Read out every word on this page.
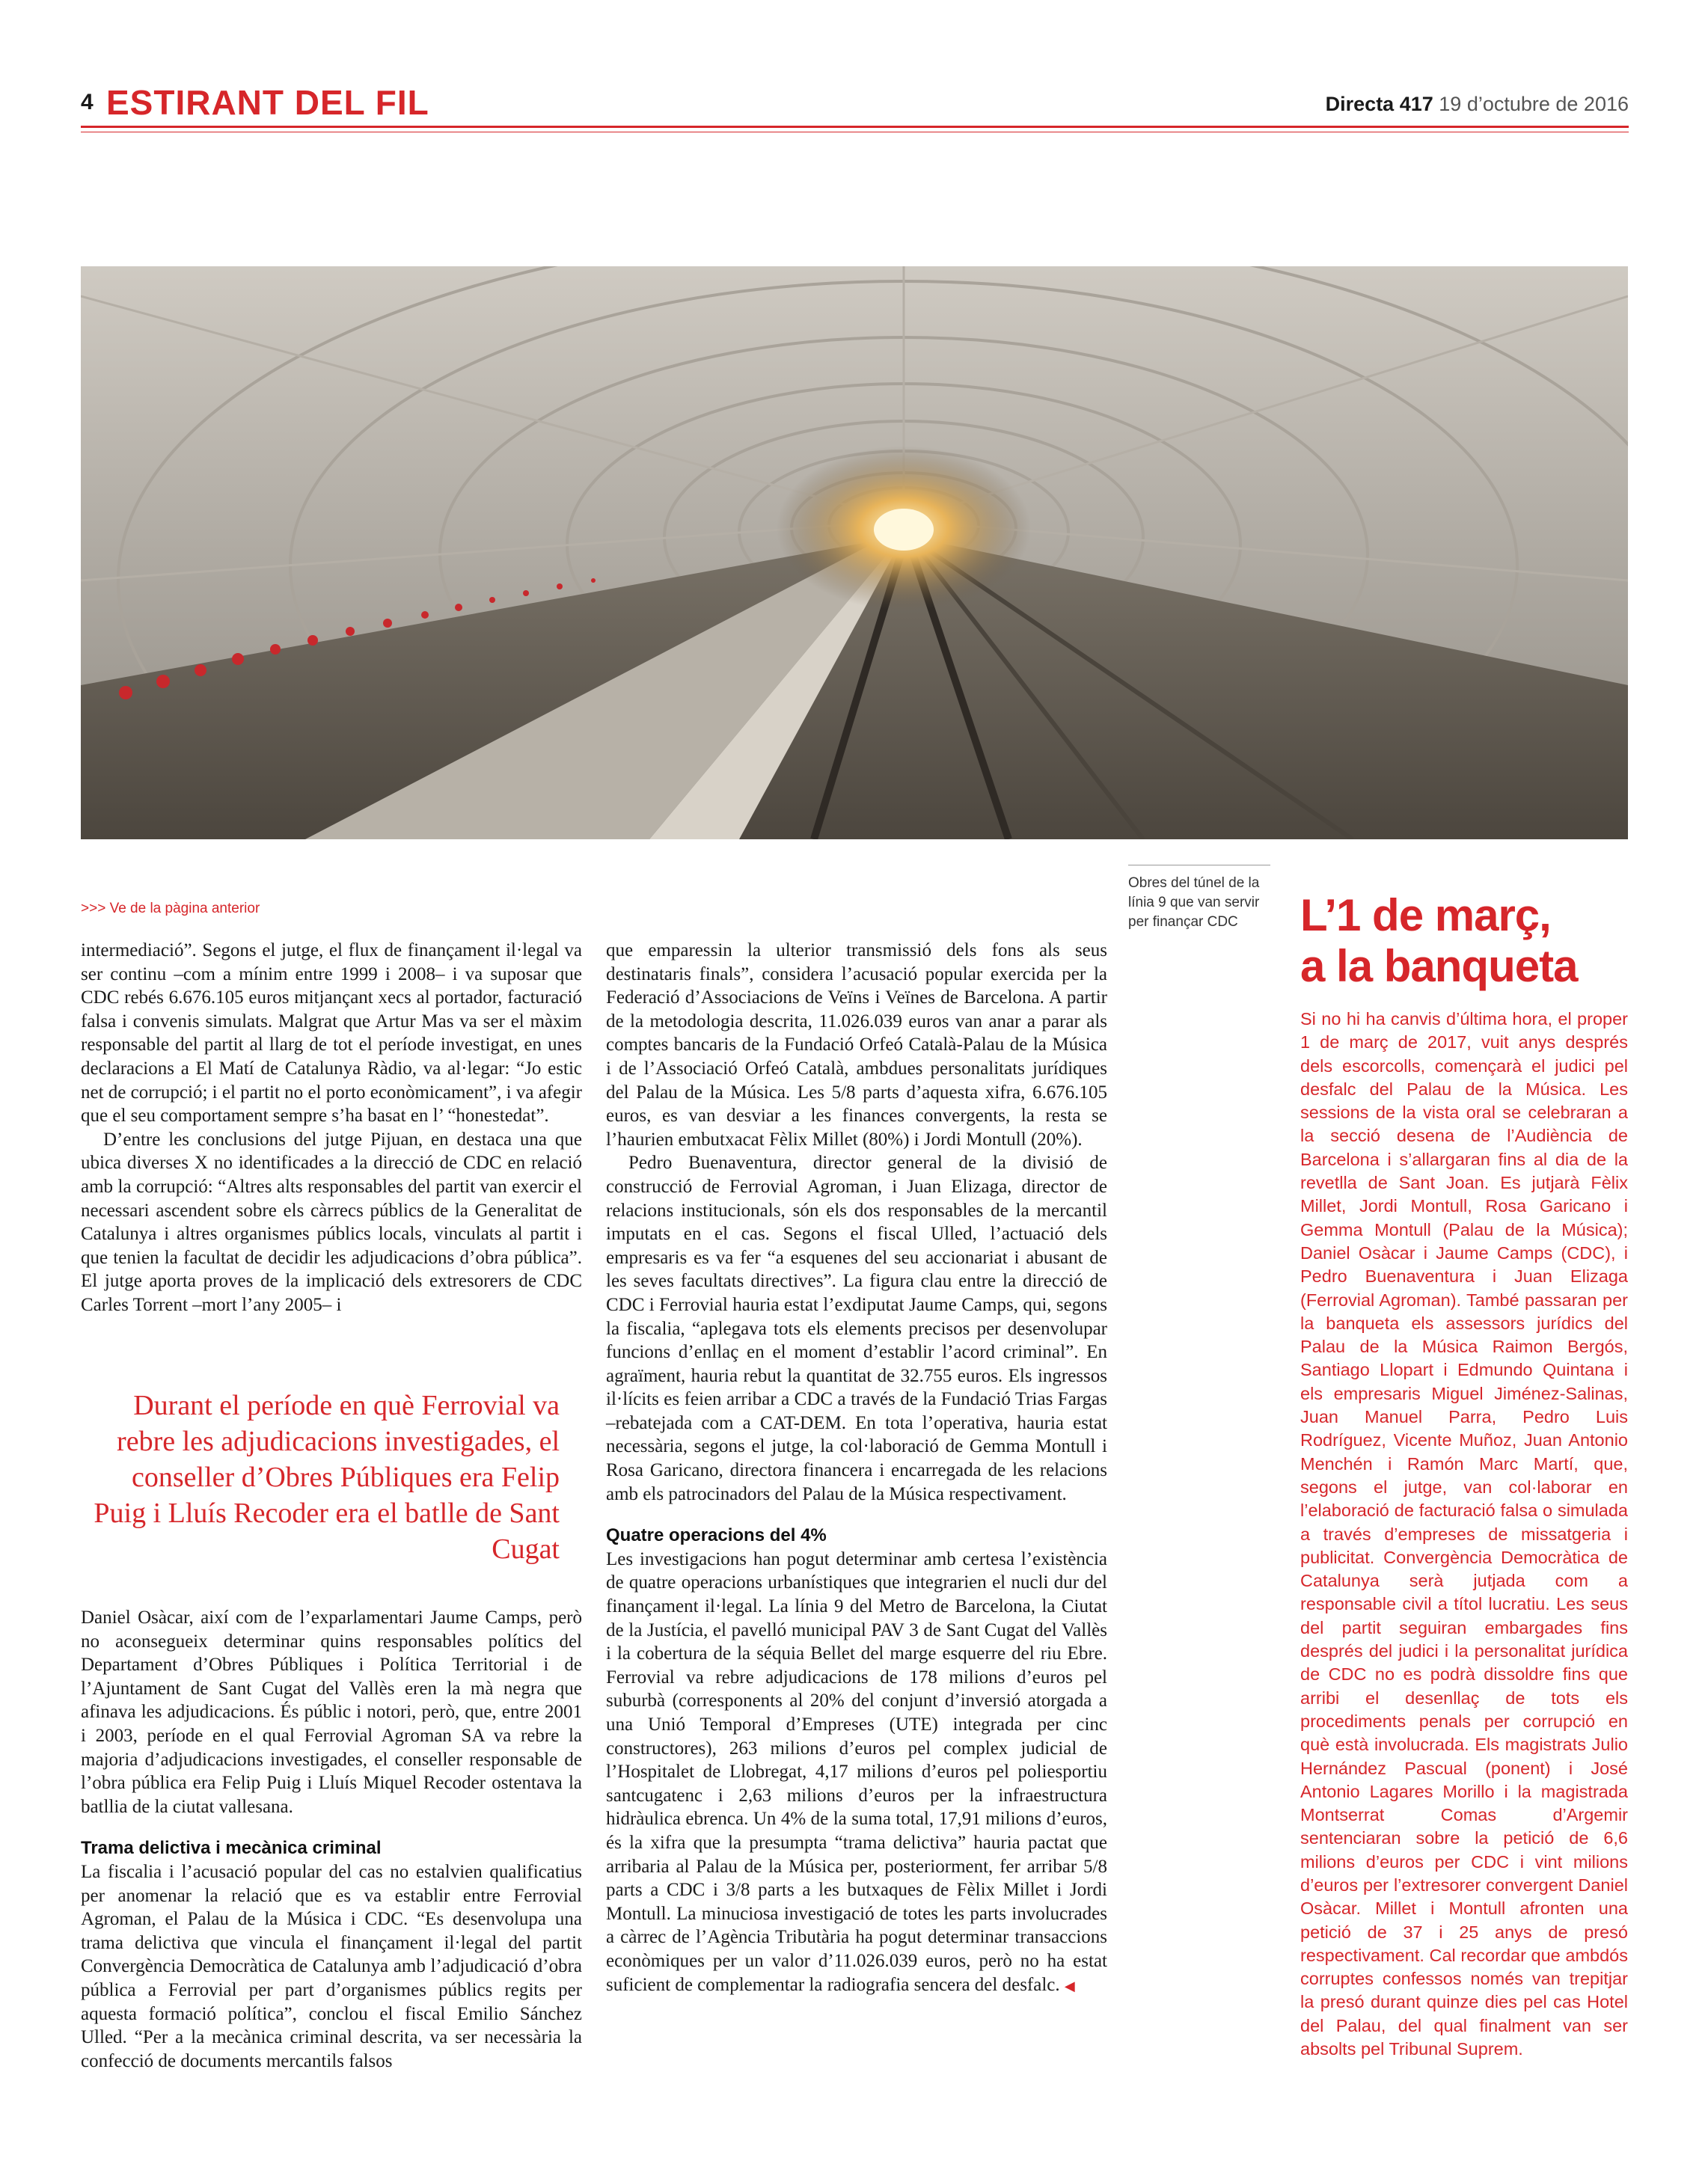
4 ESTIRANT DEL FIL	Directa 417 19 d’octubre de 2016
Obres del túnel de la línia 9 que van servir per finançar CDC
>>> Ve de la pàgina anterior

intermediació”. Segons el jutge, el flux de finançament il·legal va ser continu –com a mínim entre 1999 i 2008– i va suposar que CDC rebés 6.676.105 euros mitjançant xecs al portador, facturació falsa i convenis simulats. Malgrat que Artur Mas va ser el màxim responsable del partit al llarg de tot el període investigat, en unes declaracions a El Matí de Catalunya Ràdio, va al·legar: “Jo estic net de corrupció; i el partit no el porto econòmicament”, i va afegir que el seu comportament sempre s’ha basat en l’ “honestedat”.

D’entre les conclusions del jutge Pijuan, en destaca una que ubica diverses X no identificades a la direcció de CDC en relació amb la corrupció: “Altres alts responsables del partit van exercir el necessari ascendent sobre els càrrecs públics de la Generalitat de Catalunya i altres organismes públics locals, vinculats al partit i que tenien la facultat de decidir les adjudicacions d’obra pública”. El jutge aporta proves de la implicació dels extresorers de CDC Carles Torrent –mort l’any 2005– i

Durant el període en què Ferrovial va rebre les adjudicacions investigades, el conseller d’Obres Públiques era Felip Puig i Lluís Recoder era el batlle de Sant Cugat

Daniel Osàcar, així com de l’exparlamentari Jaume Camps, però no aconsegueix determinar quins responsables polítics del Departament d’Obres Públiques i Política Territorial i de l’Ajuntament de Sant Cugat del Vallès eren la mà negra que afinava les adjudicacions. És públic i notori, però, que, entre 2001 i 2003, període en el qual Ferrovial Agroman SA va rebre la majoria d’adjudicacions investigades, el conseller responsable de l’obra pública era Felip Puig i Lluís Miquel Recoder ostentava la batllia de la ciutat vallesana.

Trama delictiva i mecànica criminal

La fiscalia i l’acusació popular del cas no estalvien qualificatius per anomenar la relació que es va establir entre Ferrovial Agroman, el Palau de la Música i CDC. “Es desenvolupa una trama delictiva que vincula el finançament il·legal del partit Convergència Democràtica de Catalunya amb l’adjudicació d’obra pública a Ferrovial per part d’organismes públics regits per aquesta formació política”, conclou el fiscal Emilio Sánchez Ulled. “Per a la mecànica criminal descrita, va ser necessària la confecció de documents mercantils falsos

que emparessin la ulterior transmissió dels fons als seus destinataris finals”, considera l’acusació popular exercida per la Federació d’Associacions de Veïns i Veïnes de Barcelona. A partir de la metodologia descrita, 11.026.039 euros van anar a parar als comptes bancaris de la Fundació Orfeó Català-Palau de la Música i de l’Associació Orfeó Català, ambdues personalitats jurídiques del Palau de la Música. Les 5/8 parts d’aquesta xifra, 6.676.105 euros, es van desviar a les finances convergents, la resta se l’haurien embutxacat Fèlix Millet (80%) i Jordi Montull (20%).

Pedro Buenaventura, director general de la divisió de construcció de Ferrovial Agroman, i Juan Elizaga, director de relacions institucionals, són els dos responsables de la mercantil imputats en el cas. Segons el fiscal Ulled, l’actuació dels empresaris es va fer “a esquenes del seu accionariat i abusant de les seves facultats directives”. La figura clau entre la direcció de CDC i Ferrovial hauria estat l’exdiputat Jaume Camps, qui, segons la fiscalia, “aplegava tots els elements precisos per desenvolupar funcions d’enllaç en el moment d’establir l’acord criminal”. En agraïment, hauria rebut la quantitat de 32.755 euros. Els ingressos il·lícits es feien arribar a CDC a través de la Fundació Trias Fargas –rebatejada com a CAT-DEM. En tota l’operativa, hauria estat necessària, segons el jutge, la col·laboració de Gemma Montull i Rosa Garicano, directora financera i encarregada de les relacions amb els patrocinadors del Palau de la Música respectivament.

Quatre operacions del 4%

Les investigacions han pogut determinar amb certesa l’existència de quatre operacions urbanístiques que integrarien el nucli dur del finançament il·legal. La línia 9 del Metro de Barcelona, la Ciutat de la Justícia, el pavelló municipal PAV 3 de Sant Cugat del Vallès i la cobertura de la séquia Bellet del marge esquerre del riu Ebre. Ferrovial va rebre adjudicacions de 178 milions d’euros pel suburbà (corresponents al 20% del conjunt d’inversió atorgada a una Unió Temporal d’Empreses (UTE) integrada per cinc constructores), 263 milions d’euros pel complex judicial de l’Hospitalet de Llobregat, 4,17 milions d’euros pel poliesportiu santcugatenc i 2,63 milions d’euros per la infraestructura hidràulica ebrenca. Un 4% de la suma total, 17,91 milions d’euros, és la xifra que la presumpta “trama delictiva” hauria pactat que arribaria al Palau de la Música per, posteriorment, fer arribar 5/8 parts a CDC i 3/8 parts a les butxaques de Fèlix Millet i Jordi Montull. La minuciosa investigació de totes les parts involucrades a càrrec de l’Agència Tributària ha pogut determinar transaccions econòmiques per un valor d’11.026.039 euros, però no ha estat suficient de complementar la radiografia sencera del desfalc. ◀

L’1 de març,
a la banqueta
Si no hi ha canvis d’última hora, el proper 1 de març de 2017, vuit anys després dels escorcolls, començarà el judici pel desfalc del Palau de la Música. Les sessions de la vista oral se celebraran a la secció desena de l’Audiència de Barcelona i s’allargaran fins al dia de la revetlla de Sant Joan. Es jutjarà Fèlix Millet, Jordi Montull, Rosa Garicano i Gemma Montull (Palau de la Música); Daniel Osàcar i Jaume Camps (CDC), i Pedro Buenaventura i Juan Elizaga (Ferrovial Agroman). També passaran per la banqueta els assessors jurídics del Palau de la Música Raimon Bergós, Santiago Llopart i Edmundo Quintana i els empresaris Miguel Jiménez-Salinas, Juan Manuel Parra, Pedro Luis Rodríguez, Vicente Muñoz, Juan Antonio Menchén i Ramón Marc Martí, que, segons el jutge, van col·laborar en l’elaboració de facturació falsa o simulada a través d’empreses de missatgeria i publicitat. Convergència Democràtica de Catalunya serà jutjada com a responsable civil a títol lucratiu. Les seus del partit seguiran embargades fins després del judici i la personalitat jurídica de CDC no es podrà dissoldre fins que arribi el desenllaç de tots els procediments penals per corrupció en què està involucrada. Els magistrats Julio Hernández Pascual (ponent) i José Antonio Lagares Morillo i la magistrada Montserrat Comas d’Argemir sentenciaran sobre la petició de 6,6 milions d’euros per CDC i vint milions d’euros per l’extresorer convergent Daniel Osàcar. Millet i Montull afronten una petició de 37 i 25 anys de presó respectivament. Cal recordar que ambdós corruptes confessos només van trepitjar la presó durant quinze dies pel cas Hotel del Palau, del qual finalment van ser absolts pel Tribunal Suprem.
